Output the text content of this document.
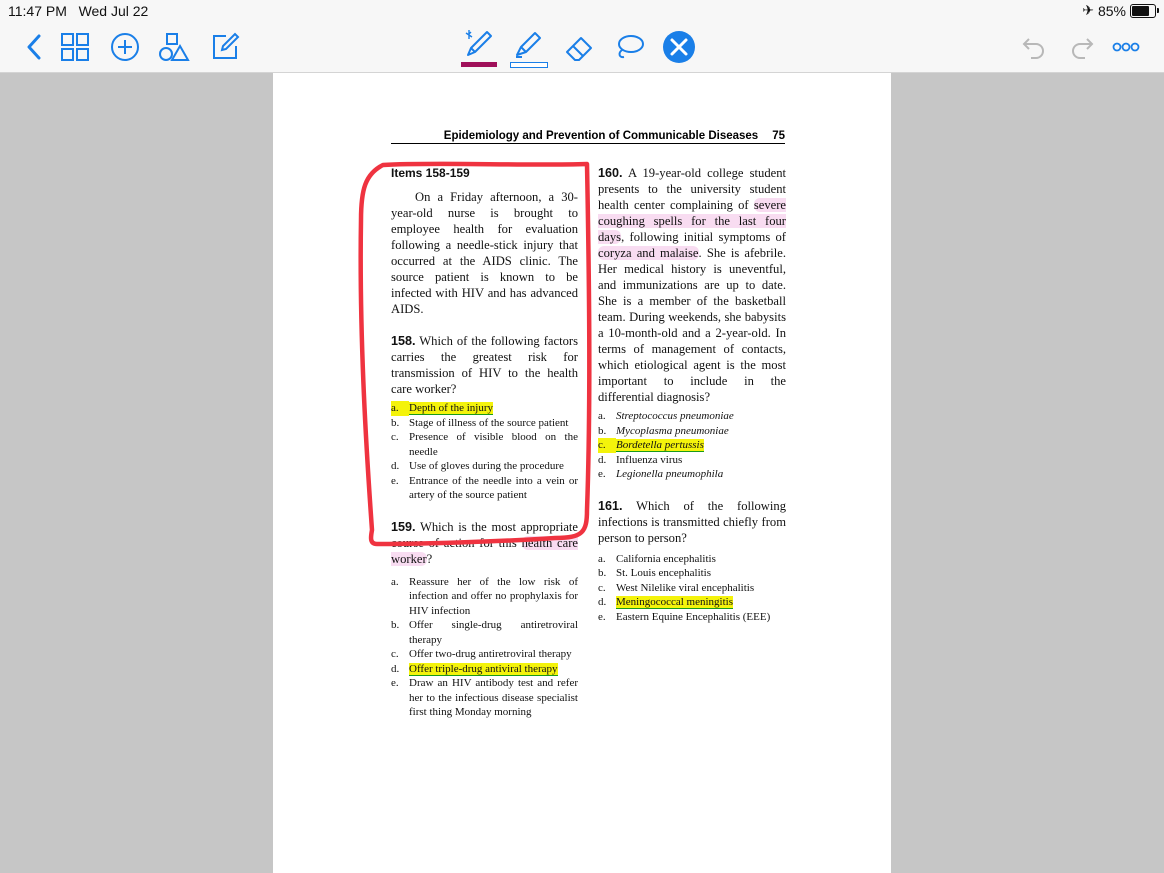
11:47 PM Wed Jul 22	✈ 85%
Epidemiology and Prevention of Communicable Diseases 75
Items 158-159
On a Friday afternoon, a 30-year-old nurse is brought to employee health for evaluation following a needle-stick injury that occurred at the AIDS clinic. The source patient is known to be infected with HIV and has advanced AIDS.
158. Which of the following factors carries the greatest risk for transmission of HIV to the health care worker?
a. Depth of the injury
b. Stage of illness of the source patient
c. Presence of visible blood on the needle
d. Use of gloves during the procedure
e. Entrance of the needle into a vein or artery of the source patient
159. Which is the most appropriate course of action for this health care worker?
a. Reassure her of the low risk of infection and offer no prophylaxis for HIV infection
b. Offer single-drug antiretroviral therapy
c. Offer two-drug antiretroviral therapy
d. Offer triple-drug antiviral therapy
e. Draw an HIV antibody test and refer her to the infectious disease specialist first thing Monday morning
160. A 19-year-old college student presents to the university student health center complaining of severe coughing spells for the last four days, following initial symptoms of coryza and malaise. She is afebrile. Her medical history is uneventful, and immunizations are up to date. She is a member of the basketball team. During weekends, she babysits a 10-month-old and a 2-year-old. In terms of management of contacts, which etiological agent is the most important to include in the differential diagnosis?
a. Streptococcus pneumoniae
b. Mycoplasma pneumoniae
c. Bordetella pertussis
d. Influenza virus
e. Legionella pneumophila
161. Which of the following infections is transmitted chiefly from person to person?
a. California encephalitis
b. St. Louis encephalitis
c. West Nilelike viral encephalitis
d. Meningococcal meningitis
e. Eastern Equine Encephalitis (EEE)
